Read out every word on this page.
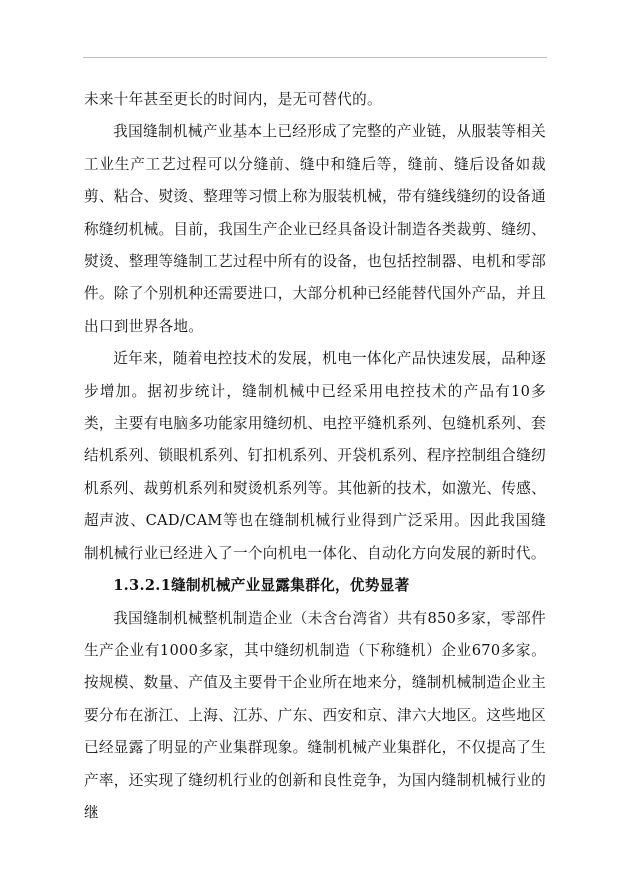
未来十年甚至更长的时间内，是无可替代的。

我国缝制机械产业基本上已经形成了完整的产业链，从服装等相关工业生产工艺过程可以分缝前、缝中和缝后等，缝前、缝后设备如裁剪、粘合、熨烫、整理等习惯上称为服装机械，带有缝线缝纫的设备通称缝纫机械。目前，我国生产企业已经具备设计制造各类裁剪、缝纫、熨烫、整理等缝制工艺过程中所有的设备，也包括控制器、电机和零部件。除了个别机种还需要进口，大部分机种已经能替代国外产品，并且出口到世界各地。

近年来，随着电控技术的发展，机电一体化产品快速发展，品种逐步增加。据初步统计，缝制机械中已经采用电控技术的产品有10多类，主要有电脑多功能家用缝纫机、电控平缝机系列、包缝机系列、套结机系列、锁眼机系列、钉扣机系列、开袋机系列、程序控制组合缝纫机系列、裁剪机系列和熨烫机系列等。其他新的技术，如激光、传感、超声波、CAD/CAM等也在缝制机械行业得到广泛采用。因此我国缝制机械行业已经进入了一个向机电一体化、自动化方向发展的新时代。

1.3.2.1缝制机械产业显露集群化，优势显著

我国缝制机械整机制造企业（未含台湾省）共有850多家，零部件生产企业有1000多家，其中缝纫机制造（下称缝机）企业670多家。按规模、数量、产值及主要骨干企业所在地来分，缝制机械制造企业主要分布在浙江、上海、江苏、广东、西安和京、津六大地区。这些地区已经显露了明显的产业集群现象。缝制机械产业集群化，不仅提高了生产率，还实现了缝纫机行业的创新和良性竞争，为国内缝制机械行业的继
